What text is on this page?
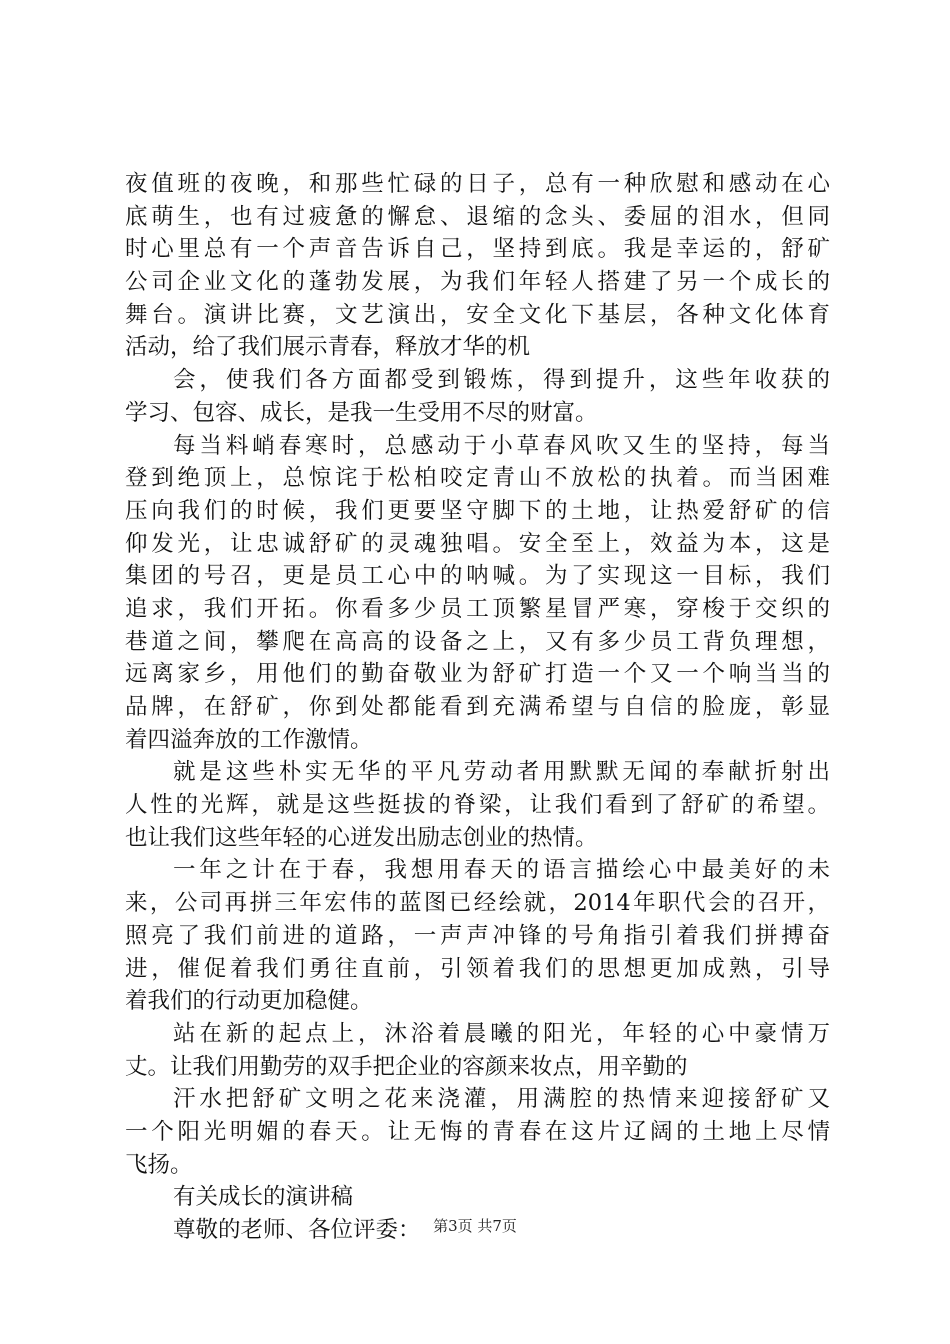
夜值班的夜晚，和那些忙碌的日子，总有一种欣慰和感动在心
底萌生，也有过疲惫的懈怠、退缩的念头、委屈的泪水，但同
时心里总有一个声音告诉自己，坚持到底。我是幸运的，舒矿
公司企业文化的蓬勃发展，为我们年轻人搭建了另一个成长的
舞台。演讲比赛，文艺演出，安全文化下基层，各种文化体育
活动，给了我们展示青春，释放才华的机
会，使我们各方面都受到锻炼，得到提升，这些年收获的
学习、包容、成长，是我一生受用不尽的财富。
每当料峭春寒时，总感动于小草春风吹又生的坚持，每当
登到绝顶上，总惊诧于松柏咬定青山不放松的执着。而当困难
压向我们的时候，我们更要坚守脚下的土地，让热爱舒矿的信
仰发光，让忠诚舒矿的灵魂独唱。安全至上，效益为本，这是
集团的号召，更是员工心中的呐喊。为了实现这一目标，我们
追求，我们开拓。你看多少员工顶繁星冒严寒，穿梭于交织的
巷道之间，攀爬在高高的设备之上，又有多少员工背负理想，
远离家乡，用他们的勤奋敬业为舒矿打造一个又一个响当当的
品牌，在舒矿，你到处都能看到充满希望与自信的脸庞，彰显
着四溢奔放的工作激情。
就是这些朴实无华的平凡劳动者用默默无闻的奉献折射出
人性的光辉，就是这些挺拔的脊梁，让我们看到了舒矿的希望。
也让我们这些年轻的心迸发出励志创业的热情。
一年之计在于春，我想用春天的语言描绘心中最美好的未
来，公司再拼三年宏伟的蓝图已经绘就，2014年职代会的召开，
照亮了我们前进的道路，一声声冲锋的号角指引着我们拼搏奋
进，催促着我们勇往直前，引领着我们的思想更加成熟，引导
着我们的行动更加稳健。
站在新的起点上，沐浴着晨曦的阳光，年轻的心中豪情万
丈。让我们用勤劳的双手把企业的容颜来妆点，用辛勤的
汗水把舒矿文明之花来浇灌，用满腔的热情来迎接舒矿又
一个阳光明媚的春天。让无悔的青春在这片辽阔的土地上尽情
飞扬。
有关成长的演讲稿
尊敬的老师、各位评委： 第3页 共7页
